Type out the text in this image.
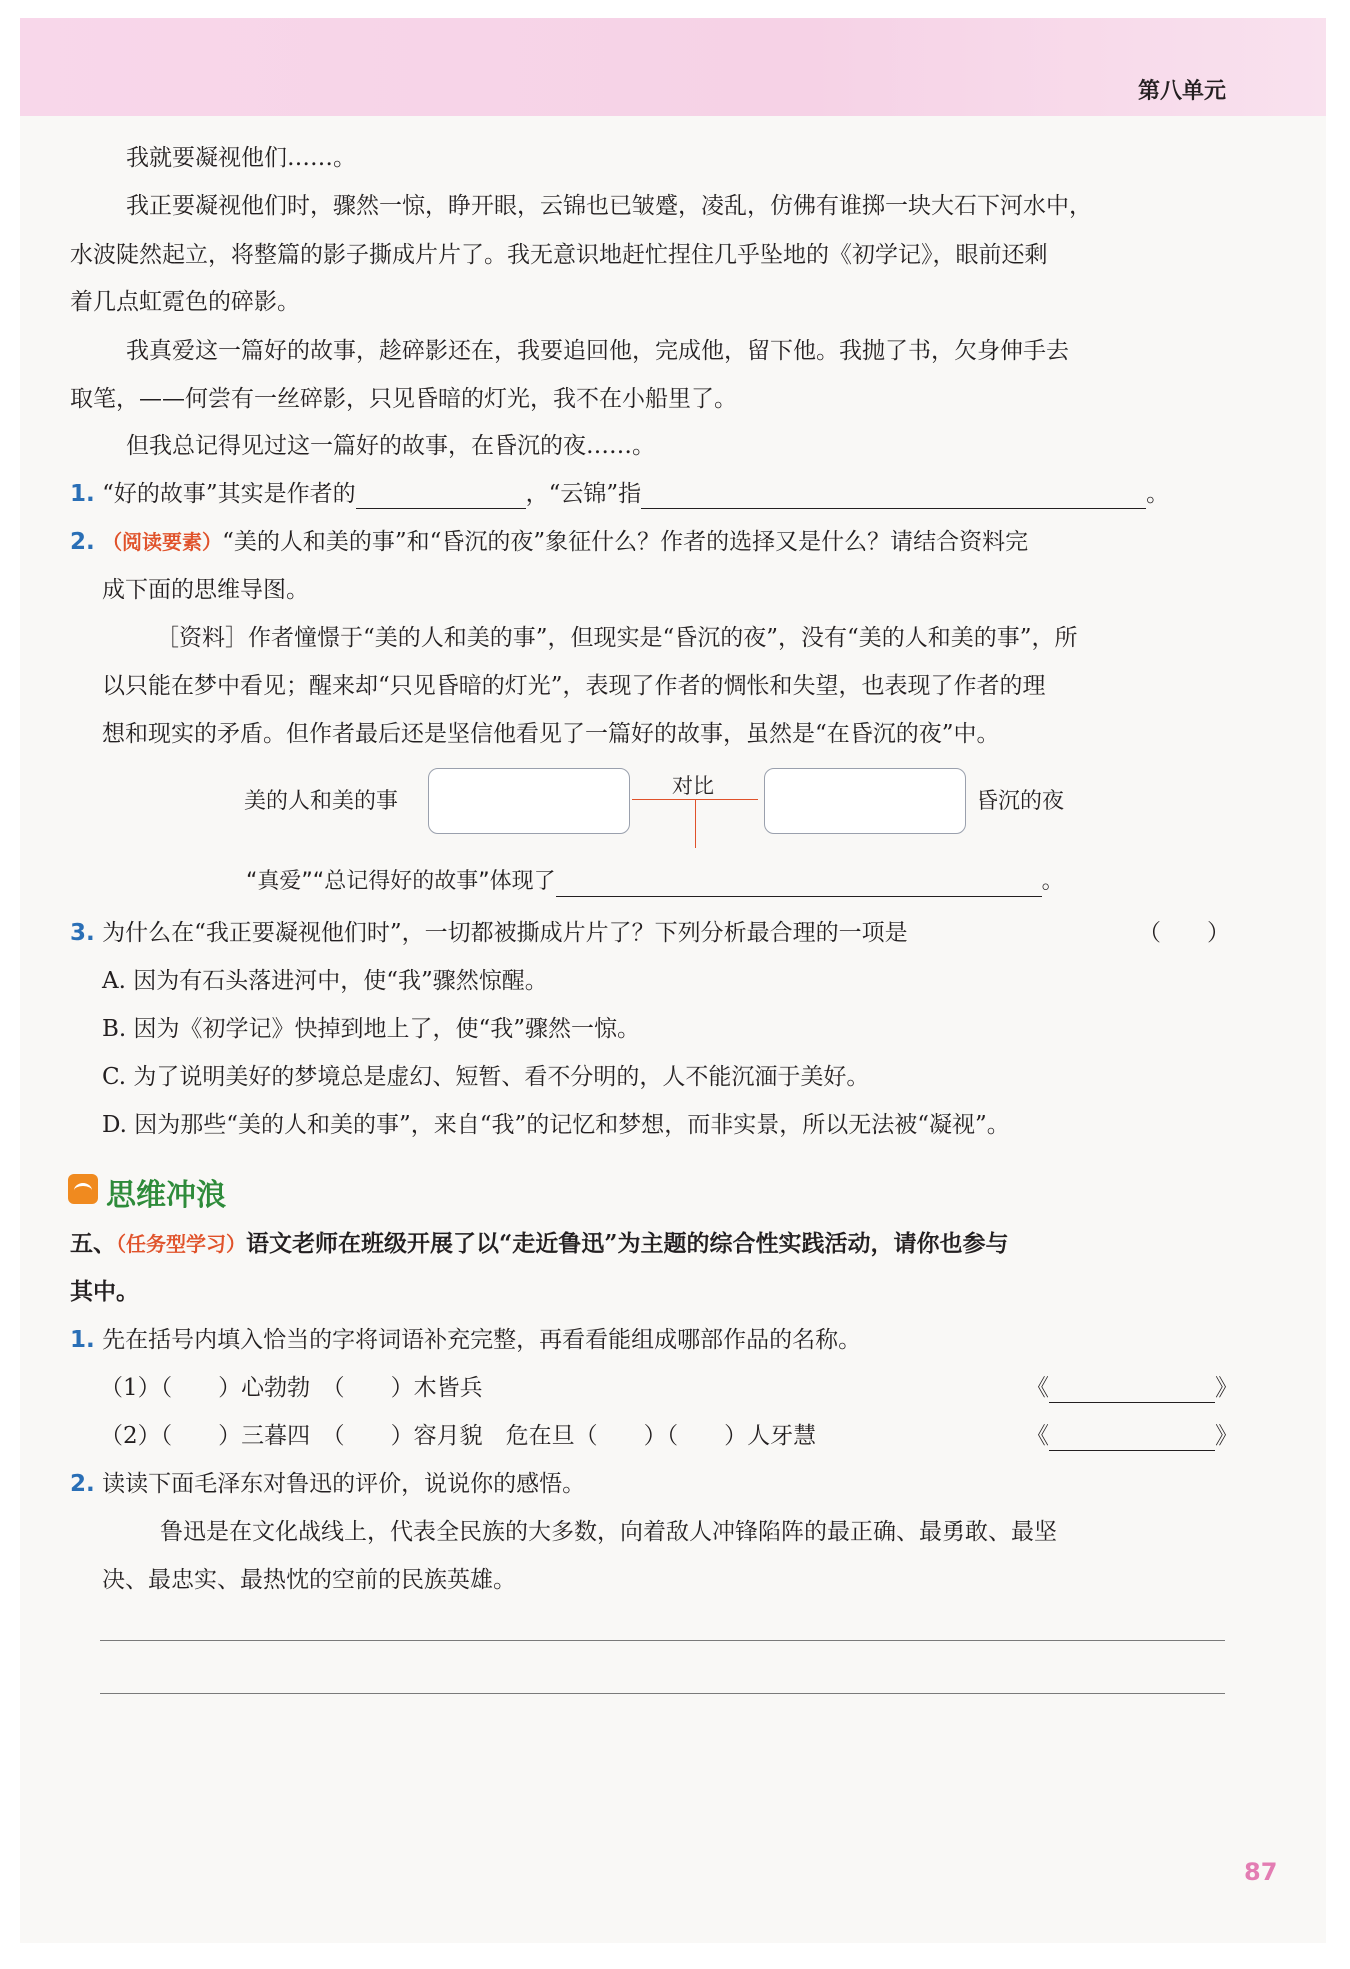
第八单元
我就要凝视他们……。
我正要凝视他们时，骤然一惊，睁开眼，云锦也已皱蹙，凌乱，仿佛有谁掷一块大石下河水中，
水波陡然起立，将整篇的影子撕成片片了。我无意识地赶忙捏住几乎坠地的《初学记》，眼前还剩
着几点虹霓色的碎影。
我真爱这一篇好的故事，趁碎影还在，我要追回他，完成他，留下他。我抛了书，欠身伸手去
取笔，——何尝有一丝碎影，只见昏暗的灯光，我不在小船里了。
但我总记得见过这一篇好的故事，在昏沉的夜……。
1. “好的故事”其实是作者的	，“云锦”指	。
2. （阅读要素）“美的人和美的事”和“昏沉的夜”象征什么？作者的选择又是什么？请结合资料完
成下面的思维导图。
［资料］作者憧憬于“美的人和美的事”，但现实是“昏沉的夜”，没有“美的人和美的事”，所
以只能在梦中看见；醒来却“只见昏暗的灯光”，表现了作者的惆怅和失望，也表现了作者的理
想和现实的矛盾。但作者最后还是坚信他看见了一篇好的故事，虽然是“在昏沉的夜”中。
美的人和美的事
对比
昏沉的夜
“真爱”“总记得好的故事”体现了	。
3. 为什么在“我正要凝视他们时”，一切都被撕成片片了？下列分析最合理的一项是	（　　）
A. 因为有石头落进河中，使“我”骤然惊醒。
B. 因为《初学记》快掉到地上了，使“我”骤然一惊。
C. 为了说明美好的梦境总是虚幻、短暂、看不分明的，人不能沉湎于美好。
D. 因为那些“美的人和美的事”，来自“我”的记忆和梦想，而非实景，所以无法被“凝视”。
思维冲浪
五、（任务型学习）语文老师在班级开展了以“走近鲁迅”为主题的综合性实践活动，请你也参与
其中。
1. 先在括号内填入恰当的字将词语补充完整，再看看能组成哪部作品的名称。
（1）（　　）心勃勃　（　　）木皆兵	《	》
（2）（　　）三暮四　（　　）容月貌　危在旦（　　）（　　）人牙慧	《	》
2. 读读下面毛泽东对鲁迅的评价，说说你的感悟。
鲁迅是在文化战线上，代表全民族的大多数，向着敌人冲锋陷阵的最正确、最勇敢、最坚
决、最忠实、最热忱的空前的民族英雄。
87
